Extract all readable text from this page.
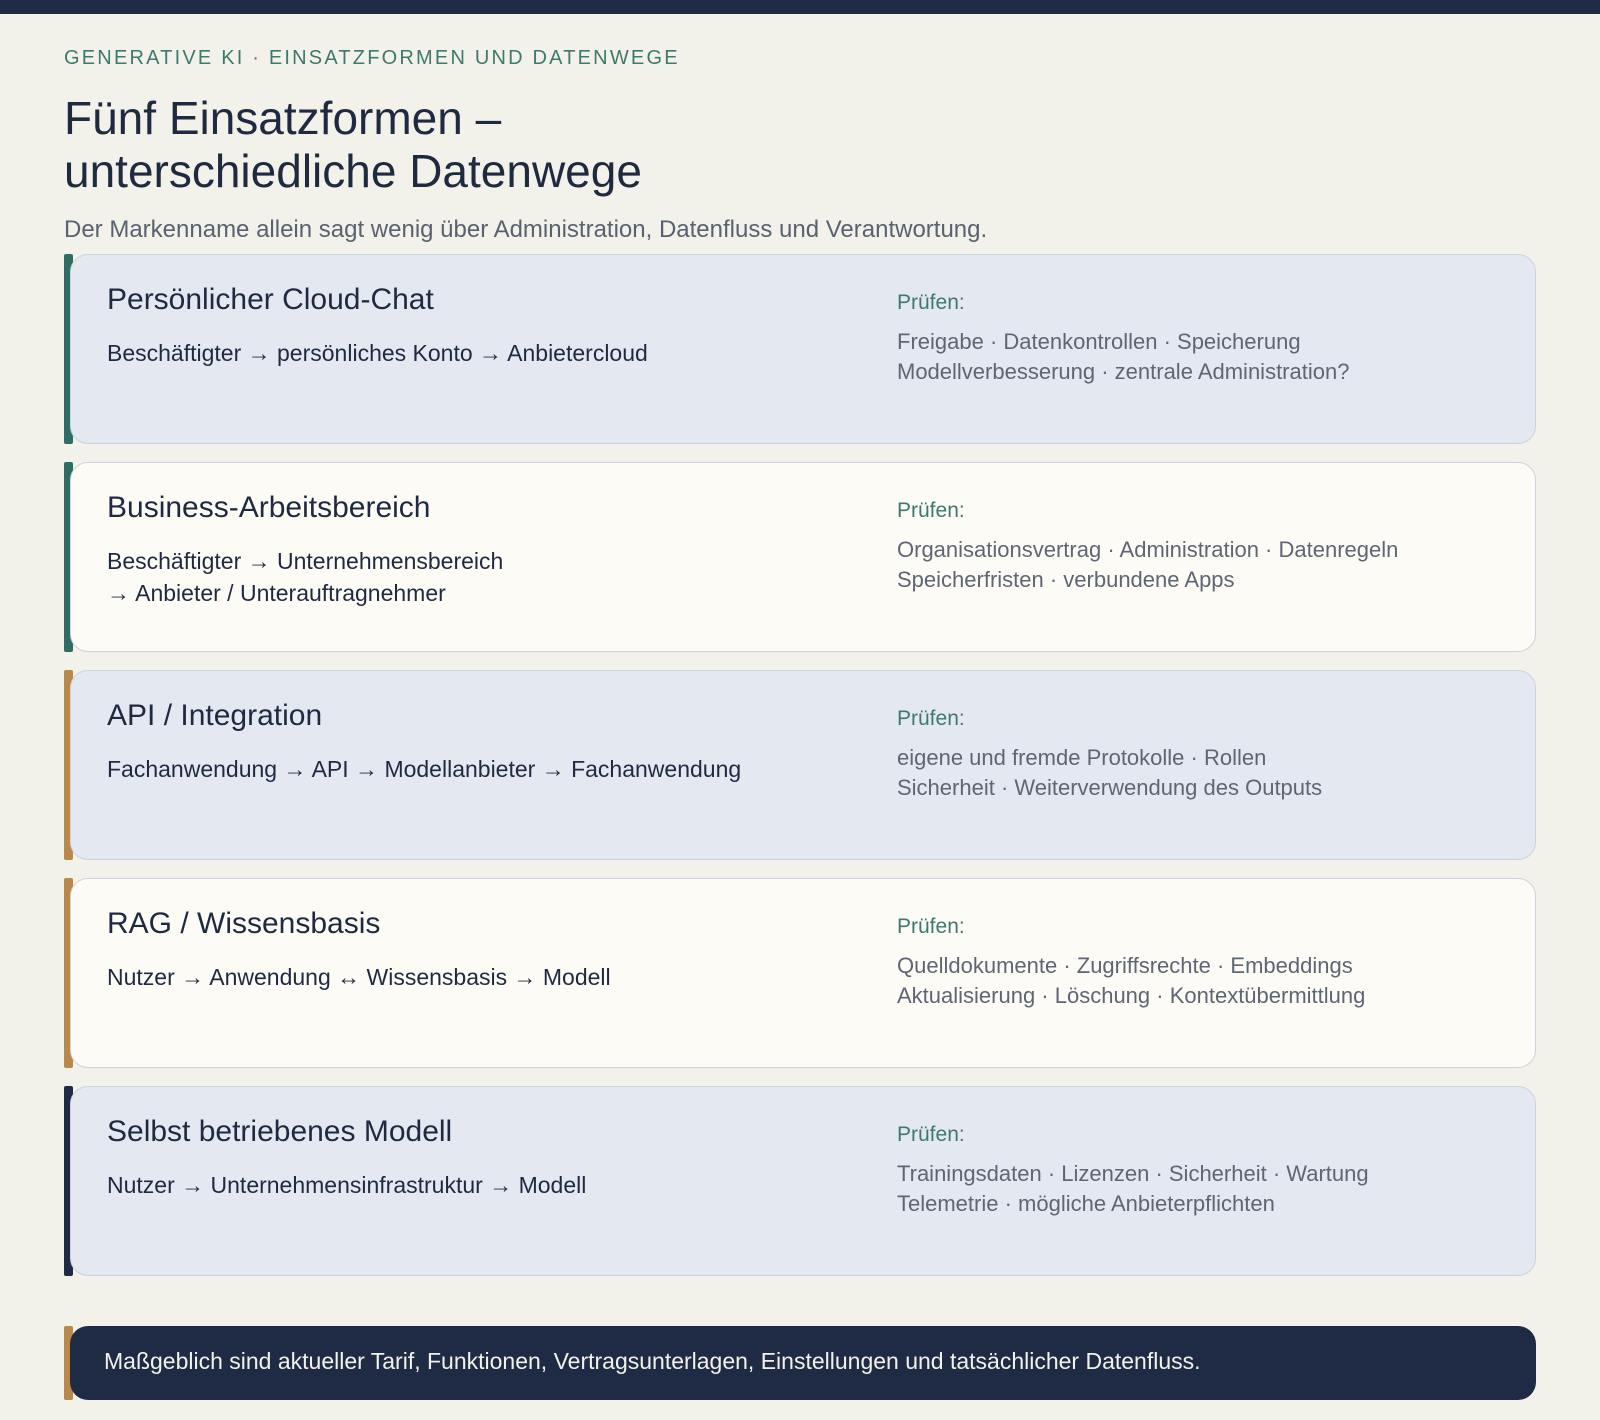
GENERATIVE KI · EINSATZFORMEN UND DATENWEGE
Fünf Einsatzformen –
unterschiedliche Datenwege
Der Markenname allein sagt wenig über Administration, Datenfluss und Verantwortung.
Persönlicher Cloud-Chat
Beschäftigter → persönliches Konto → Anbietercloud

Prüfen:
Freigabe · Datenkontrollen · Speicherung
Modellverbesserung · zentrale Administration?
Business-Arbeitsbereich
Beschäftigter → Unternehmensbereich
→ Anbieter / Unterauftragnehmer
Prüfen:
Organisationsvertrag · Administration · Datenregeln
Speicherfristen · verbundene Apps
API / Integration
Fachanwendung → API → Modellanbieter → Fachanwendung

Prüfen:
eigene und fremde Protokolle · Rollen
Sicherheit · Weiterverwendung des Outputs
RAG / Wissensbasis
Nutzer → Anwendung ↔ Wissensbasis → Modell

Prüfen:
Quelldokumente · Zugriffsrechte · Embeddings
Aktualisierung · Löschung · Kontextübermittlung
Selbst betriebenes Modell
Nutzer → Unternehmensinfrastruktur → Modell

Prüfen:
Trainingsdaten · Lizenzen · Sicherheit · Wartung
Telemetrie · mögliche Anbieterpflichten
Maßgeblich sind aktueller Tarif, Funktionen, Vertragsunterlagen, Einstellungen und tatsächlicher Datenfluss.
